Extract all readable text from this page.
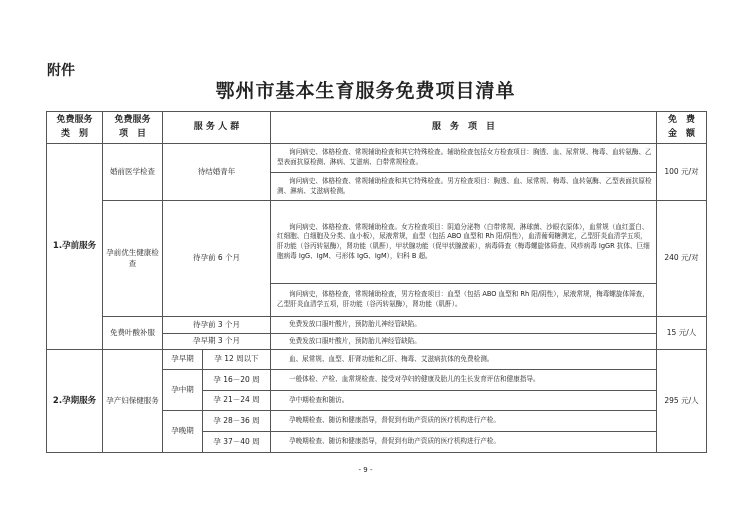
附件
鄂州市基本生育服务免费项目清单
免费服务
类　别	免费服务
项　目	服 务 人 群		服　务　项　目	免　费
金　额

1.孕前服务	婚前医学检查	待结婚青年		询问病史、体格检查、常规辅助检查和其它特殊检查。辅助检查包括女方检查项目：胸透、血、尿常规、梅毒、血转氨酶、乙型表面抗原检测、淋病、艾滋病、白带常规检查。	100 元/对

				询问病史、体格检查、常规辅助检查和其它特殊检查。男方检查项目：胸透、血、尿常规、梅毒、血转氨酶、乙型表面抗原检测、淋病、艾滋病检测。	

	孕前优生健康检查	待孕前 6 个月		询问病史、体格检查、常规辅助检查。女方检查项目：阴道分泌物（白带常规、淋球菌、沙眼衣原体），血常规（血红蛋白、红细胞、白细胞及分类、血小板），尿液常规，血型（包括 ABO 血型和 Rh 阳/阴性），血清葡萄糖测定，乙型肝炎血清学五项，肝功能（谷丙转氨酶），肾功能（肌酐），甲状腺功能（促甲状腺激素），病毒筛查（梅毒螺旋体筛查、风疹病毒 IgGR 抗体、巨细胞病毒 IgG、IgM、弓形体 IgG、IgM），妇科 B 超。	240 元/对

				询问病史，体格检查，常规辅助检查，男方检查项目：血型（包括 ABO 血型和 Rh 阳/阴性），尿液常规，梅毒螺旋体筛查，乙型肝炎血清学五项，肝功能（谷丙转氨酶），肾功能（肌酐）。	

	免费叶酸补服	待孕前 3 个月		免费发放口服叶酸片，预防胎儿神经管缺陷。	15 元/人
		孕早期 3 个月		免费发放口服叶酸片，预防胎儿神经管缺陷。	

2.孕期服务	孕产妇保健服务	孕早期	孕 12 周以下	血、尿常规、血型、肝肾功能和乙肝、梅毒、艾滋病抗体的免费检测。	295 元/人
		孕中期	孕 16－20 周	一般体检、产检、血常规检查、接受对孕妇的健康及胎儿的生长发育评估和健康指导。	

			孕 21－24 周	孕中期检查和随访。	

		孕晚期	孕 28－36 周	孕晚期检查、随访和健康指导，督促到有助产资质的医疗机构进行产检。	

			孕 37－40 周	孕晚期检查、随访和健康指导，督促到有助产资质的医疗机构进行产检。	

- 9 -
